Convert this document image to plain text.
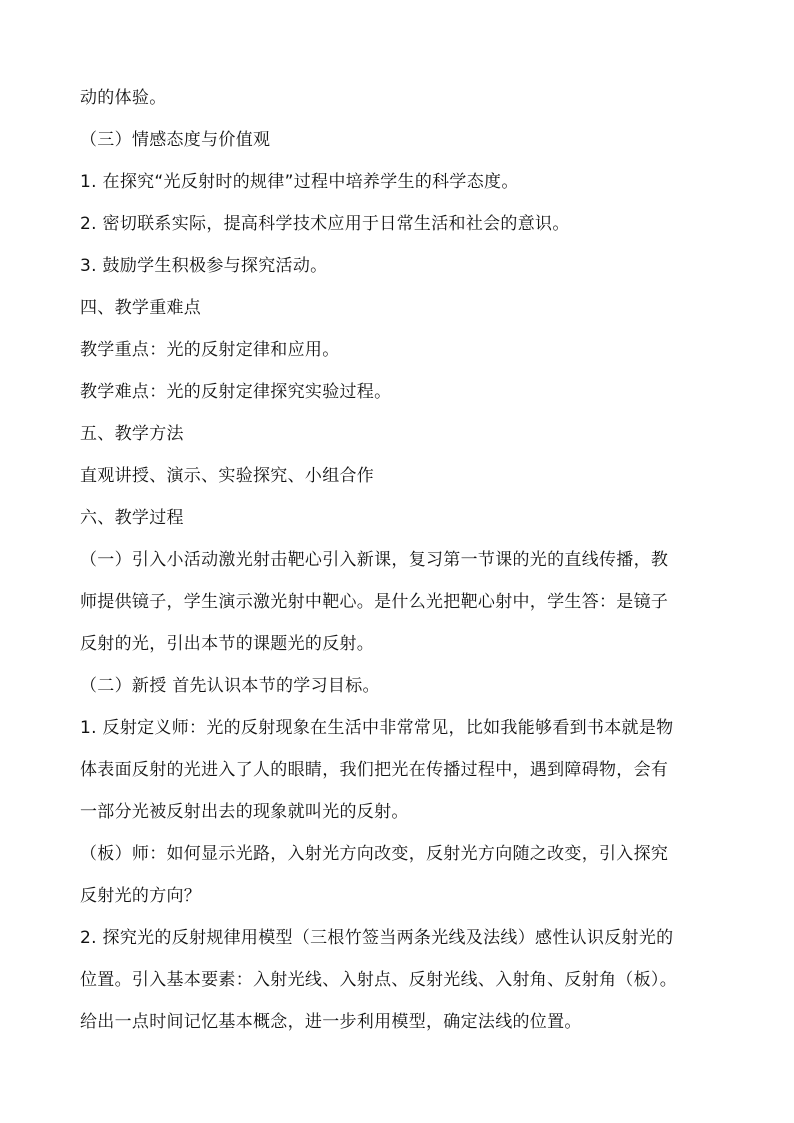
动的体验。
（三）情感态度与价值观
1. 在探究“光反射时的规律”过程中培养学生的科学态度。
2. 密切联系实际，提高科学技术应用于日常生活和社会的意识。
3. 鼓励学生积极参与探究活动。
四、教学重难点
教学重点：光的反射定律和应用。
教学难点：光的反射定律探究实验过程。
五、教学方法
直观讲授、演示、实验探究、小组合作
六、教学过程
（一）引入小活动激光射击靶心引入新课，复习第一节课的光的直线传播，教
师提供镜子，学生演示激光射中靶心。是什么光把靶心射中，学生答：是镜子
反射的光，引出本节的课题光的反射。
（二）新授 首先认识本节的学习目标。
1. 反射定义师：光的反射现象在生活中非常常见，比如我能够看到书本就是物
体表面反射的光进入了人的眼睛，我们把光在传播过程中，遇到障碍物，会有
一部分光被反射出去的现象就叫光的反射。
（板）师：如何显示光路，入射光方向改变，反射光方向随之改变，引入探究
反射光的方向？
2. 探究光的反射规律用模型（三根竹签当两条光线及法线）感性认识反射光的
位置。引入基本要素：入射光线、入射点、反射光线、入射角、反射角（板）。
给出一点时间记忆基本概念，进一步利用模型，确定法线的位置。
